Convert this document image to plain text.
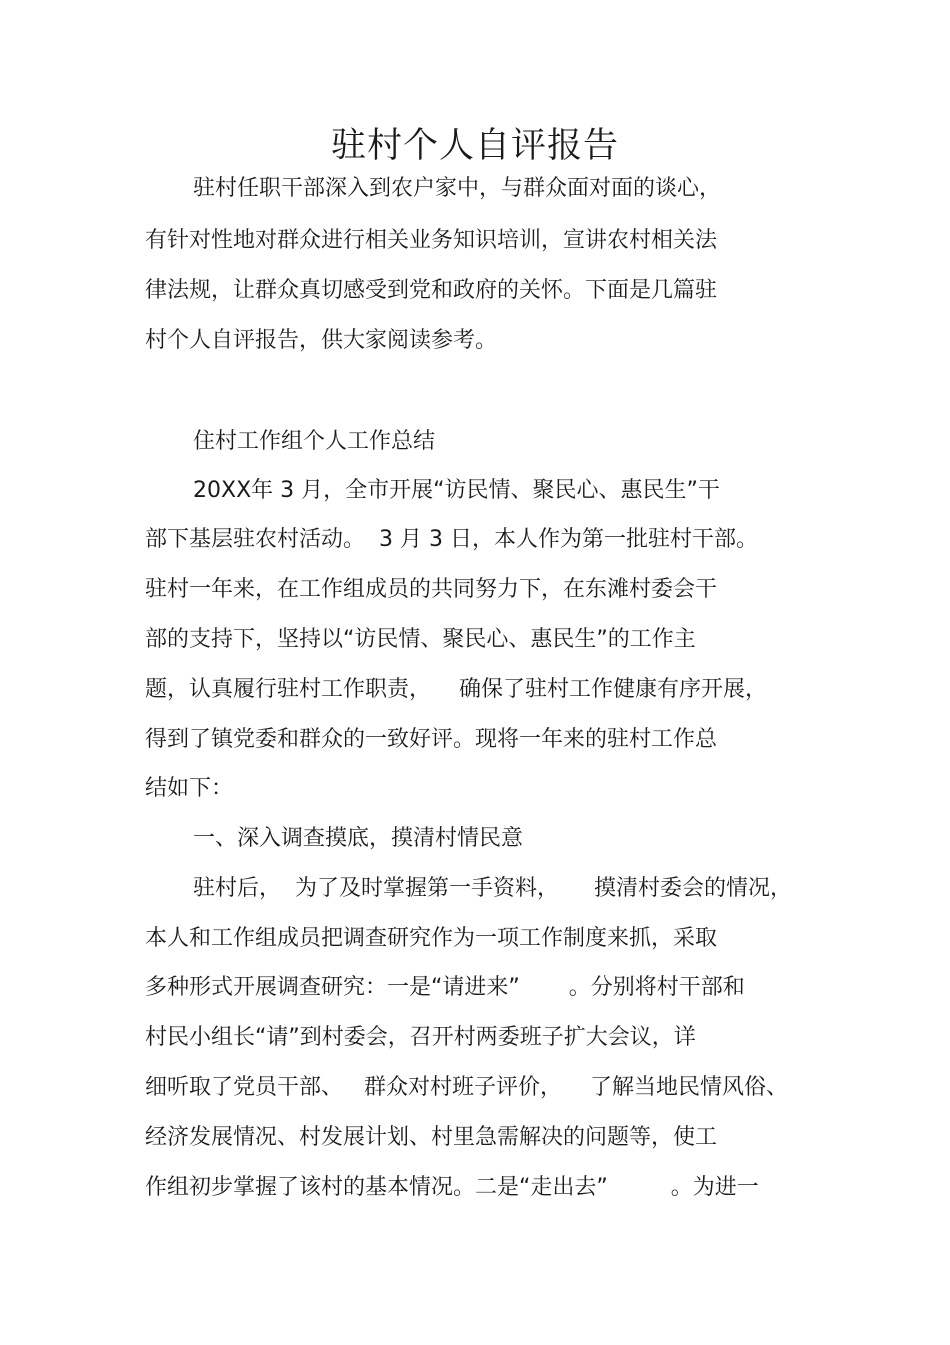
驻村个人自评报告
驻村任职干部深入到农户家中，与群众面对面的谈心，
有针对性地对群众进行相关业务知识培训，宣讲农村相关法
律法规，让群众真切感受到党和政府的关怀。下面是几篇驻
村个人自评报告，供大家阅读参考。
住村工作组个人工作总结
20XX年 3 月，全市开展“访民情、聚民心、惠民生”干
部下基层驻农村活动。  3 月 3 日，本人作为第一批驻村干部。
驻村一年来，在工作组成员的共同努力下，在东滩村委会干
部的支持下，坚持以“访民情、聚民心、惠民生”的工作主
题，认真履行驻村工作职责，    确保了驻村工作健康有序开展，
得到了镇党委和群众的一致好评。现将一年来的驻村工作总
结如下：
一、深入调查摸底，摸清村情民意
驻村后，  为了及时掌握第一手资料，     摸清村委会的情况，
本人和工作组成员把调查研究作为一项工作制度来抓，采取
多种形式开展调查研究：一是“请进来”       。分别将村干部和
村民小组长“请”到村委会，召开村两委班子扩大会议，详
细听取了党员干部、   群众对村班子评价，    了解当地民情风俗、
经济发展情况、村发展计划、村里急需解决的问题等，使工
作组初步掌握了该村的基本情况。二是“走出去”         。为进一
